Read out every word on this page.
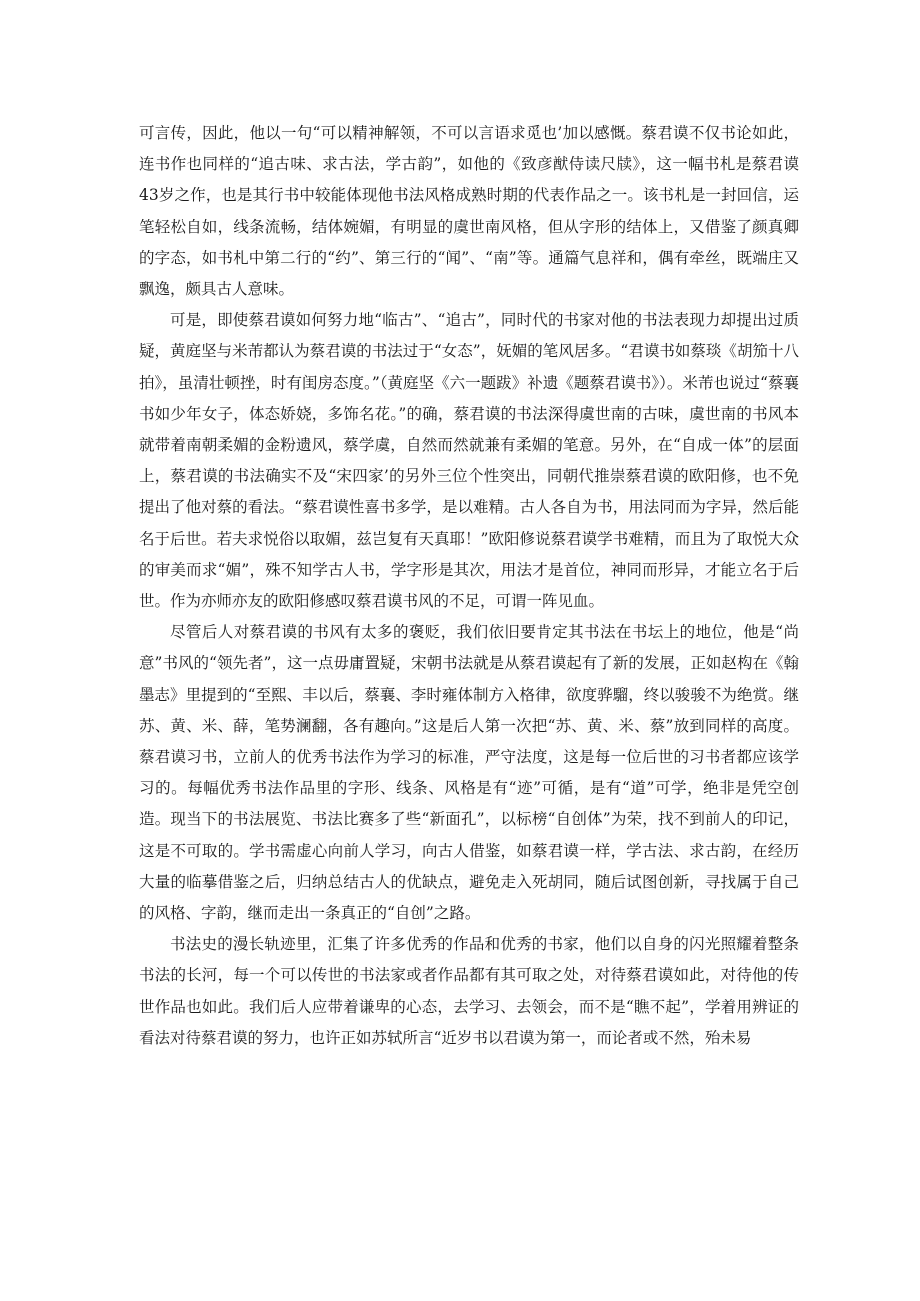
可言传，因此，他以一句“可以精神解领，不可以言语求觅也’加以感慨。蔡君谟不仅书论如此，连书作也同样的“追古味、求古法，学古韵”，如他的《致彦猷侍读尺牍》，这一幅书札是蔡君谟43岁之作，也是其行书中较能体现他书法风格成熟时期的代表作品之一。该书札是一封回信，运笔轻松自如，线条流畅，结体婉媚，有明显的虞世南风格，但从字形的结体上，又借鉴了颜真卿的字态，如书札中第二行的“约”、第三行的“闻”、“南”等。通篇气息祥和，偶有牵丝，既端庄又飘逸，颇具古人意味。

可是，即使蔡君谟如何努力地“临古”、“追古”，同时代的书家对他的书法表现力却提出过质疑，黄庭坚与米芾都认为蔡君谟的书法过于“女态”，妩媚的笔风居多。“君谟书如蔡琰《胡笳十八拍》，虽清壮顿挫，时有闺房态度。”（黄庭坚《六一题跋》补遗《题蔡君谟书》）。米芾也说过“蔡襄书如少年女子，体态娇娆，多饰名花。”的确，蔡君谟的书法深得虞世南的古味，虞世南的书风本就带着南朝柔媚的金粉遗风，蔡学虞，自然而然就兼有柔媚的笔意。另外，在“自成一体”的层面上，蔡君谟的书法确实不及“宋四家’的另外三位个性突出，同朝代推崇蔡君谟的欧阳修，也不免提出了他对蔡的看法。“蔡君谟性喜书多学，是以难精。古人各自为书，用法同而为字异，然后能名于后世。若夫求悦俗以取媚，兹岂复有天真耶！”欧阳修说蔡君谟学书难精，而且为了取悦大众的审美而求“媚”，殊不知学古人书，学字形是其次，用法才是首位，神同而形异，才能立名于后世。作为亦师亦友的欧阳修感叹蔡君谟书风的不足，可谓一阵见血。

尽管后人对蔡君谟的书风有太多的褒贬，我们依旧要肯定其书法在书坛上的地位，他是“尚意”书风的“领先者”，这一点毋庸置疑，宋朝书法就是从蔡君谟起有了新的发展，正如赵构在《翰墨志》里提到的“至熙、丰以后，蔡襄、李时雍体制方入格律，欲度骅騮，终以骏骏不为绝赏。继苏、黄、米、薛，笔势澜翻，各有趣向。”这是后人第一次把“苏、黄、米、蔡”放到同样的高度。蔡君谟习书，立前人的优秀书法作为学习的标准，严守法度，这是每一位后世的习书者都应该学习的。每幅优秀书法作品里的字形、线条、风格是有“迹”可循，是有“道”可学，绝非是凭空创造。现当下的书法展览、书法比赛多了些“新面孔”，以标榜“自创体”为荣，找不到前人的印记，这是不可取的。学书需虚心向前人学习，向古人借鉴，如蔡君谟一样，学古法、求古韵，在经历大量的临摹借鉴之后，归纳总结古人的优缺点，避免走入死胡同，随后试图创新，寻找属于自己的风格、字韵，继而走出一条真正的“自创”之路。

书法史的漫长轨迹里，汇集了许多优秀的作品和优秀的书家，他们以自身的闪光照耀着整条书法的长河，每一个可以传世的书法家或者作品都有其可取之处，对待蔡君谟如此，对待他的传世作品也如此。我们后人应带着谦卑的心态，去学习、去领会，而不是“瞧不起”，学着用辨证的看法对待蔡君谟的努力，也许正如苏轼所言“近岁书以君谟为第一，而论者或不然，殆未易
